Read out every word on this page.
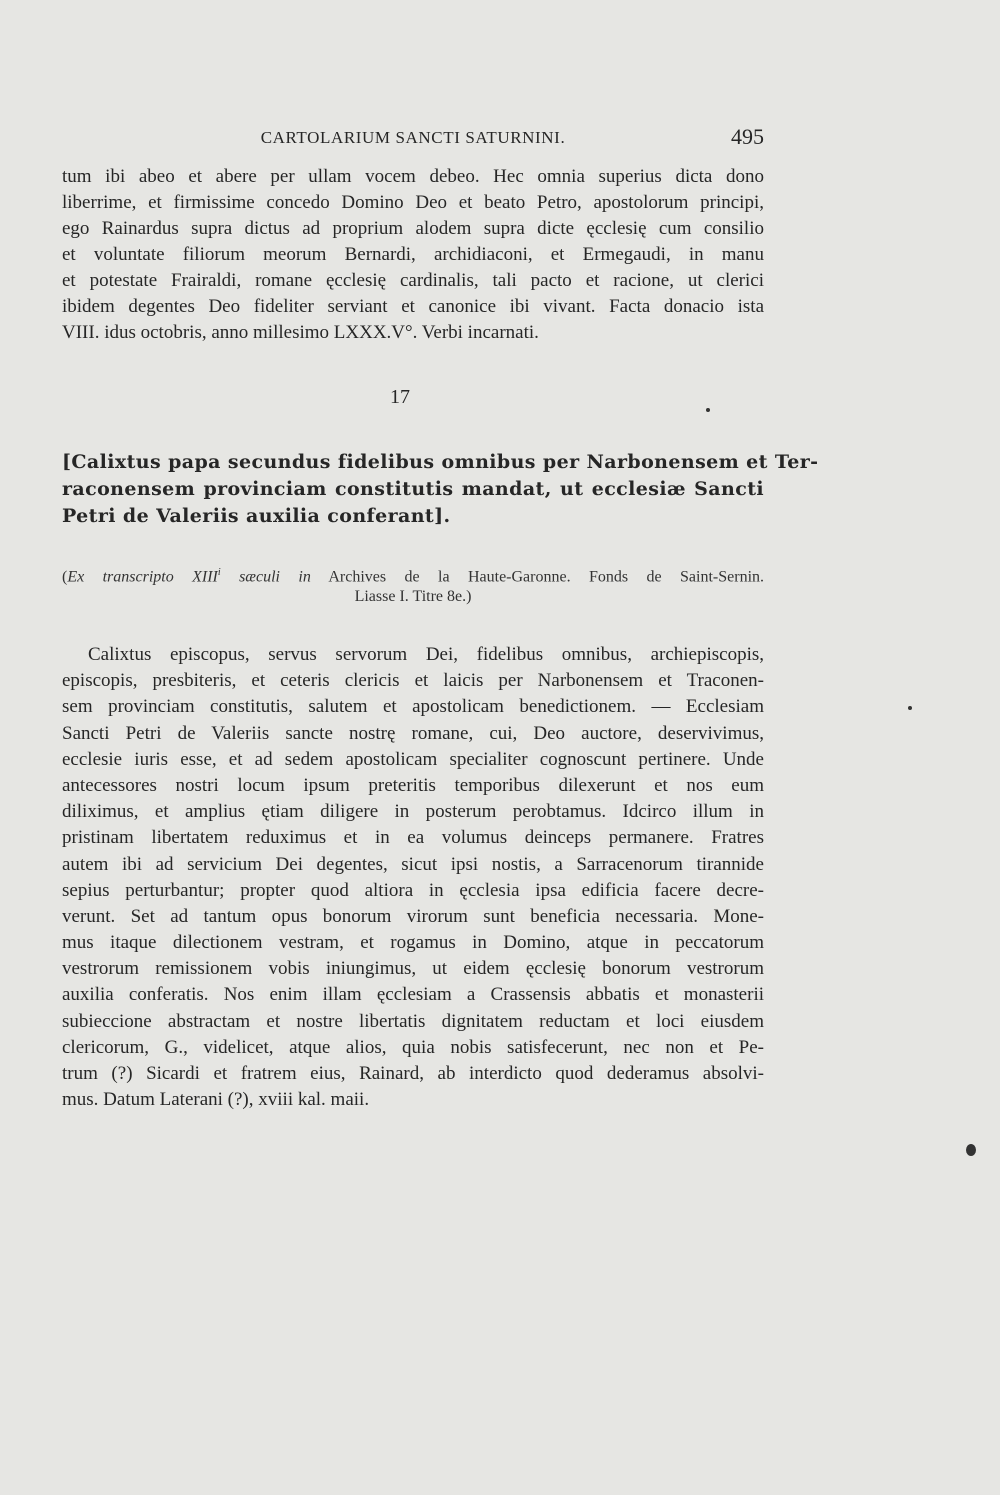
CARTOLARIUM SANCTI SATURNINI.	495
tum ibi abeo et abere per ullam vocem debeo. Hec omnia superius dicta dono
liberrime, et firmissime concedo Domino Deo et beato Petro, apostolorum principi,
ego Rainardus supra dictus ad proprium alodem supra dicte ęcclesię cum consilio
et voluntate filiorum meorum Bernardi, archidiaconi, et Ermegaudi, in manu
et potestate Frairaldi, romane ęcclesię cardinalis, tali pacto et racione, ut clerici
ibidem degentes Deo fideliter serviant et canonice ibi vivant. Facta donacio ista
VIII. idus octobris, anno millesimo LXXX.V°. Verbi incarnati.
17
[Calixtus papa secundus fidelibus omnibus per Narbonensem et Ter-
raconensem provinciam constitutis mandat, ut ecclesiæ Sancti
Petri de Valeriis auxilia conferant].
(Ex transcripto XIII$^i$ sæculi in Archives de la Haute-Garonne. Fonds de Saint-Sernin.
Liasse I. Titre 8e.)
Calixtus episcopus, servus servorum Dei, fidelibus omnibus, archiepiscopis,
episcopis, presbiteris, et ceteris clericis et laicis per Narbonensem et Traconen-
sem provinciam constitutis, salutem et apostolicam benedictionem. — Ecclesiam
Sancti Petri de Valeriis sancte nostrę romane, cui, Deo auctore, deservivimus,
ecclesie iuris esse, et ad sedem apostolicam specialiter cognoscunt pertinere. Unde
antecessores nostri locum ipsum preteritis temporibus dilexerunt et nos eum
diliximus, et amplius ętiam diligere in posterum perobtamus. Idcirco illum in
pristinam libertatem reduximus et in ea volumus deinceps permanere. Fratres
autem ibi ad servicium Dei degentes, sicut ipsi nostis, a Sarracenorum tirannide
sepius perturbantur; propter quod altiora in ęcclesia ipsa edificia facere decre-
verunt. Set ad tantum opus bonorum virorum sunt beneficia necessaria. Mone-
mus itaque dilectionem vestram, et rogamus in Domino, atque in peccatorum
vestrorum remissionem vobis iniungimus, ut eidem ęcclesię bonorum vestrorum
auxilia conferatis. Nos enim illam ęcclesiam a Crassensis abbatis et monasterii
subieccione abstractam et nostre libertatis dignitatem reductam et loci eiusdem
clericorum, G., videlicet, atque alios, quia nobis satisfecerunt, nec non et Pe-
trum (?) Sicardi et fratrem eius, Rainard, ab interdicto quod dederamus absolvi-
mus. Datum Laterani (?), xviii kal. maii.
